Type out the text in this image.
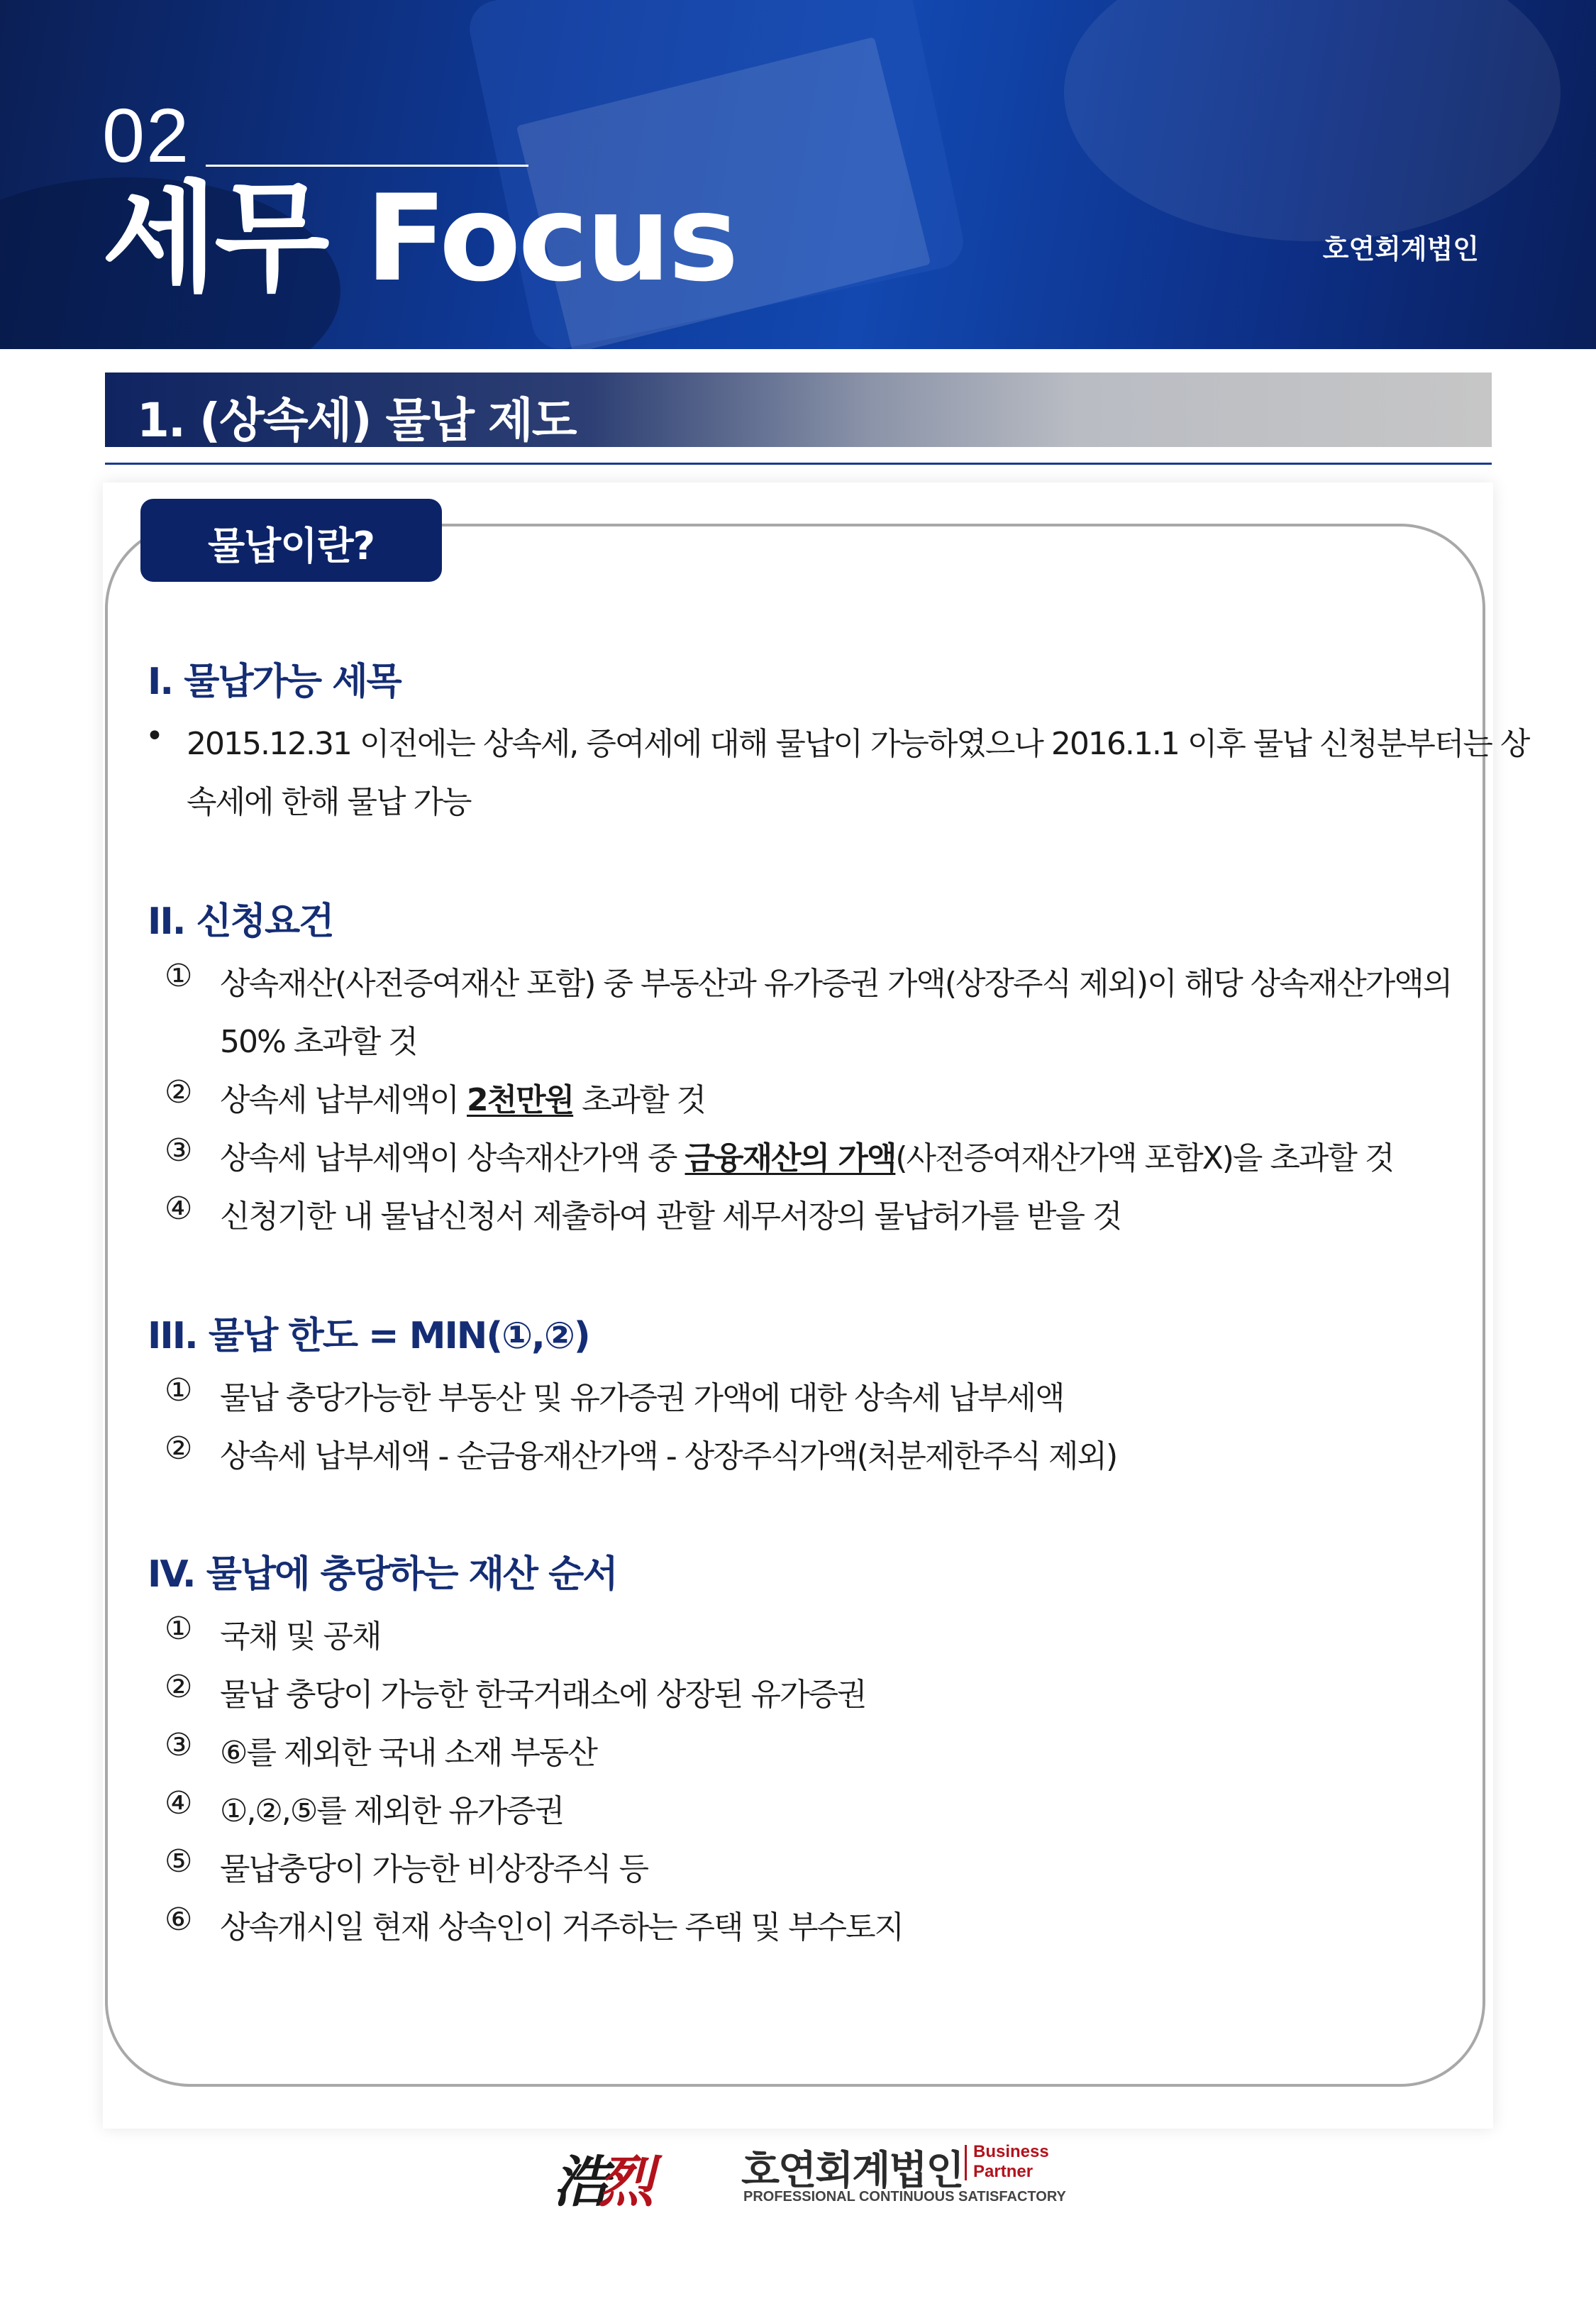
02
세무 Focus	호연회계법인
1. (상속세) 물납 제도
물납이란?
I. 물납가능 세목
• 2015.12.31 이전에는 상속세, 증여세에 대해 물납이 가능하였으나 2016.1.1 이후 물납 신청분부터는 상
속세에 한해 물납 가능
II. 신청요건
① 상속재산(사전증여재산 포함) 중 부동산과 유가증권 가액(상장주식 제외)이 해당 상속재산가액의
50% 초과할 것
② 상속세 납부세액이 2천만원 초과할 것
③ 상속세 납부세액이 상속재산가액 중 금융재산의 가액(사전증여재산가액 포함X)을 초과할 것
④ 신청기한 내 물납신청서 제출하여 관할 세무서장의 물납허가를 받을 것
III. 물납 한도 = MIN(①,②)
① 물납 충당가능한 부동산 및 유가증권 가액에 대한 상속세 납부세액
② 상속세 납부세액 - 순금융재산가액 - 상장주식가액(처분제한주식 제외)
IV. 물납에 충당하는 재산 순서
① 국채 및 공채
② 물납 충당이 가능한 한국거래소에 상장된 유가증권
③ ⑥를 제외한 국내 소재 부동산
④ ①,②,⑤를 제외한 유가증권
⑤ 물납충당이 가능한 비상장주식 등
⑥ 상속개시일 현재 상속인이 거주하는 주택 및 부수토지
浩烈 호연회계법인 Business
Partner
PROFESSIONAL CONTINUOUS SATISFACTORY
